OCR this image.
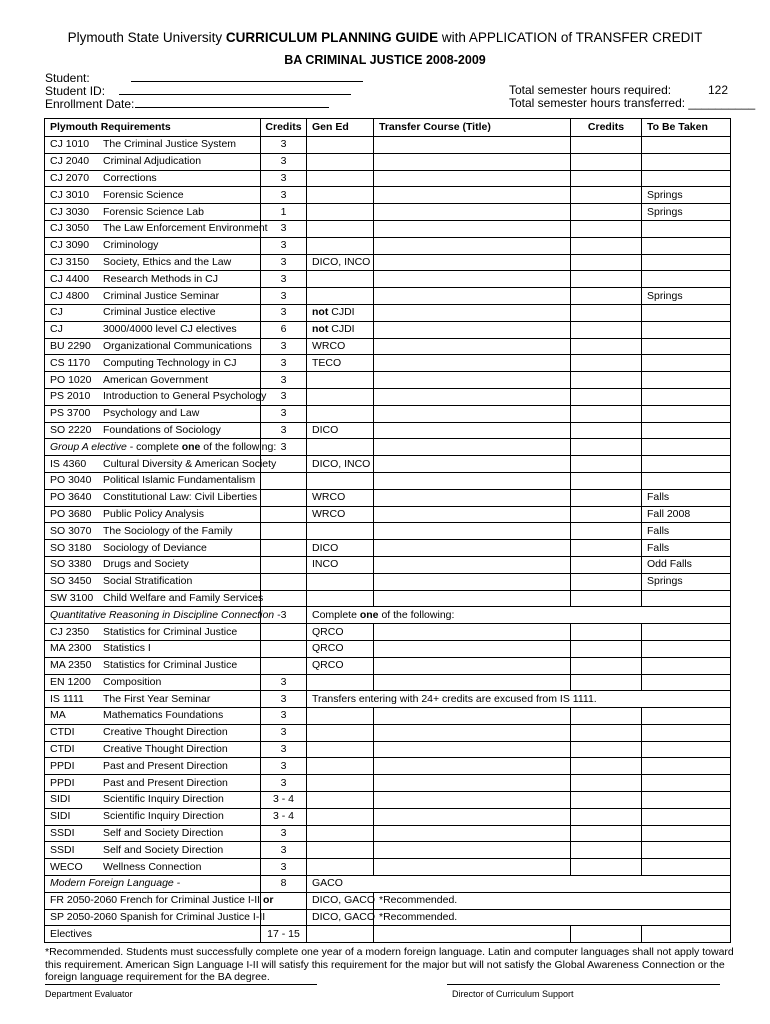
Plymouth State University CURRICULUM PLANNING GUIDE with APPLICATION of TRANSFER CREDIT
BA CRIMINAL JUSTICE 2008-2009
Student:
Student ID:
Enrollment Date:
Total semester hours required:	122
Total semester hours transferred: __________
Plymouth Requirements	Credits	Gen Ed	Transfer Course (Title)	Credits	To Be Taken
CJ 1010 The Criminal Justice System	3				
CJ 2040 Criminal Adjudication	3				
CJ 2070 Corrections	3				
CJ 3010 Forensic Science	3				Springs
CJ 3030 Forensic Science Lab	1				Springs
CJ 3050 The Law Enforcement Environment	3				
CJ 3090 Criminology	3				
CJ 3150 Society, Ethics and the Law	3	DICO, INCO			
CJ 4400 Research Methods in CJ	3				
CJ 4800 Criminal Justice Seminar	3				Springs
CJ Criminal Justice elective	3	not CJDI			
CJ 3000/4000 level CJ electives	6	not CJDI			
BU 2290 Organizational Communications	3	WRCO			
CS 1170 Computing Technology in CJ	3	TECO			
PO 1020 American Government	3				
PS 2010 Introduction to General Psychology	3				
PS 3700 Psychology and Law	3				
SO 2220 Foundations of Sociology	3	DICO			
Group A elective - complete one of the following:	3				
IS 4360 Cultural Diversity & American Society		DICO, INCO			
PO 3040 Political Islamic Fundamentalism					
PO 3640 Constitutional Law: Civil Liberties		WRCO			Falls
PO 3680 Public Policy Analysis		WRCO			Fall 2008
SO 3070 The Sociology of the Family					Falls
SO 3180 Sociology of Deviance		DICO			Falls
SO 3380 Drugs and Society		INCO			Odd Falls
SO 3450 Social Stratification					Springs
SW 3100 Child Welfare and Family Services					
Quantitative Reasoning in Discipline Connection -	3	Complete one of the following:			
CJ 2350 Statistics for Criminal Justice		QRCO			
MA 2300 Statistics I		QRCO			
MA 2350 Statistics for Criminal Justice		QRCO			
EN 1200 Composition	3				
IS 1111 The First Year Seminar	3	Transfers entering with 24+ credits are excused from IS 1111.			
MA Mathematics Foundations	3				
CTDI Creative Thought Direction	3				
CTDI Creative Thought Direction	3				
PPDI Past and Present Direction	3				
PPDI Past and Present Direction	3				
SIDI Scientific Inquiry Direction	3 - 4				
SIDI Scientific Inquiry Direction	3 - 4				
SSDI Self and Society Direction	3				
SSDI Self and Society Direction	3				
WECO Wellness Connection	3				
Modern Foreign Language -	8	GACO			
FR 2050-2060 French for Criminal Justice I-II or		DICO, GACO	*Recommended.		
SP 2050-2060 Spanish for Criminal Justice I-II		DICO, GACO	*Recommended.		
Electives	17 - 15				
*Recommended. Students must successfully complete one year of a modern foreign language. Latin and computer languages shall not apply toward this requirement. American Sign Language I-II will satisfy this requirement for the major but will not satisfy the Global Awareness Connection or the foreign language requirement for the BA degree.
Department Evaluator	Director of Curriculum Support
